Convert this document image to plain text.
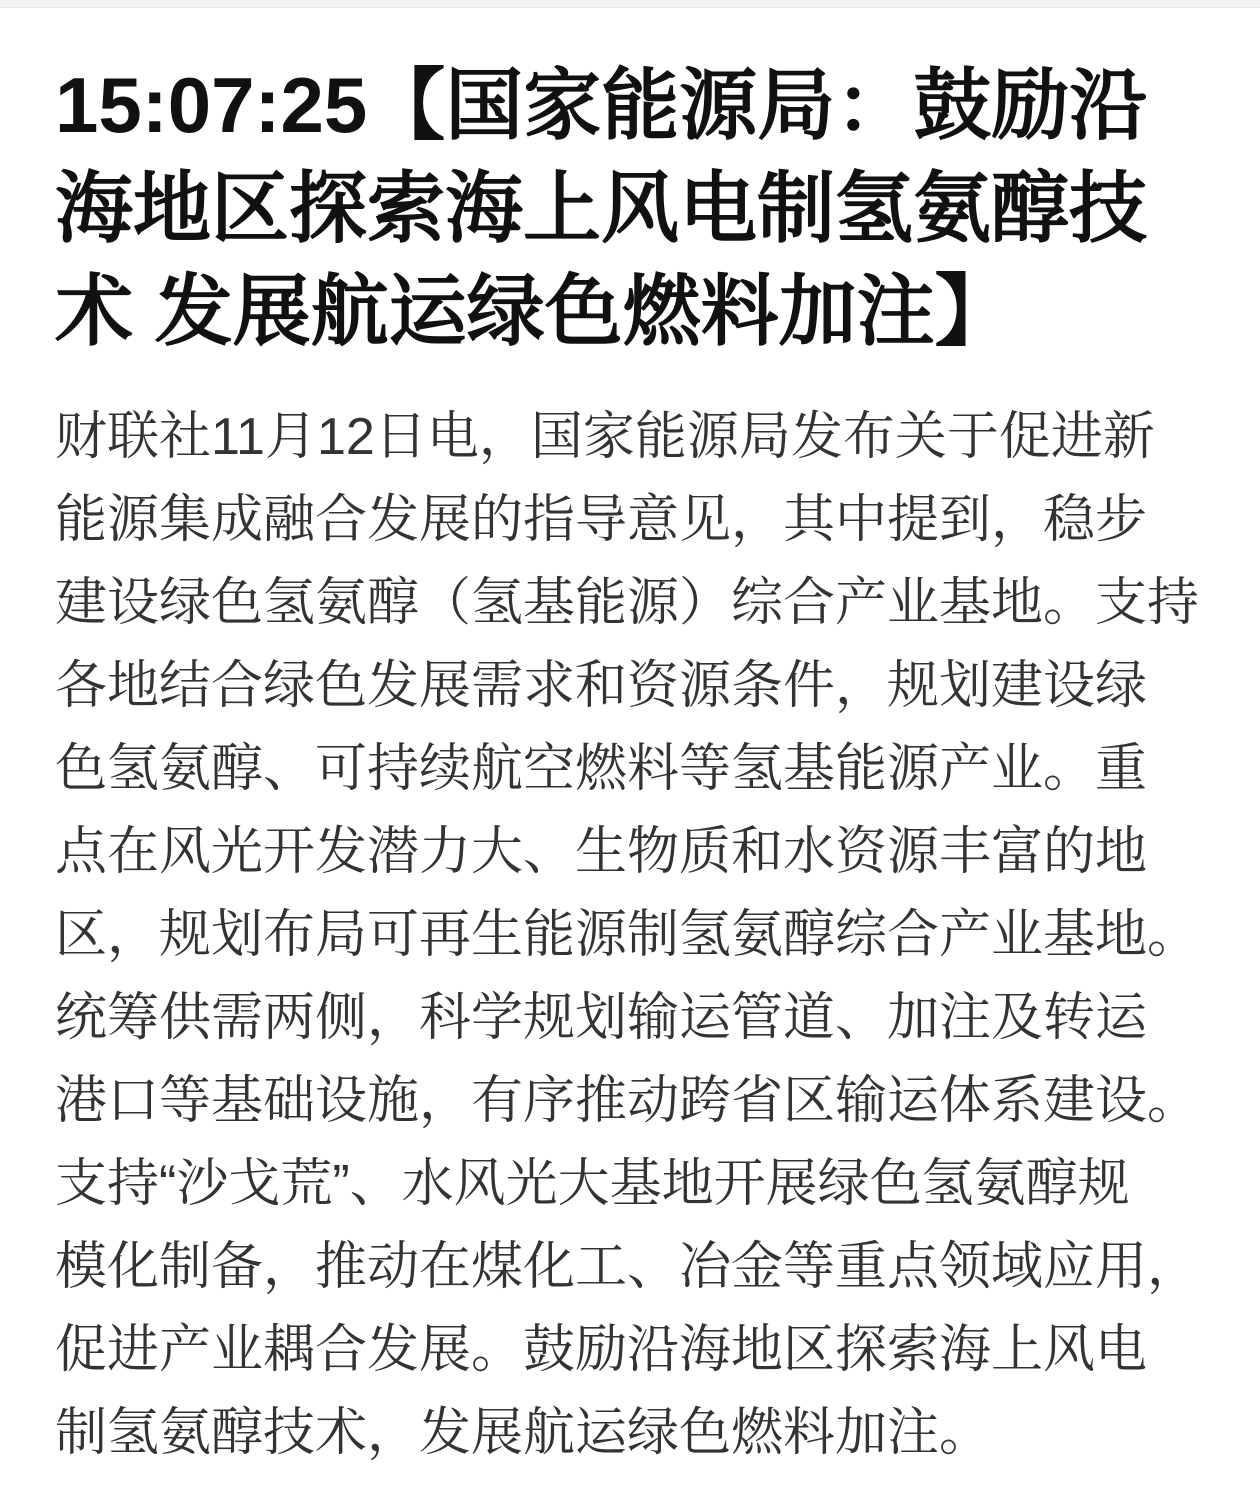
15:07:25【国家能源局：鼓励沿
海地区探索海上风电制氢氨醇技
术 发展航运绿色燃料加注】
财联社11月12日电，国家能源局发布关于促进新
能源集成融合发展的指导意见，其中提到，稳步
建设绿色氢氨醇（氢基能源）综合产业基地。支持
各地结合绿色发展需求和资源条件，规划建设绿
色氢氨醇、可持续航空燃料等氢基能源产业。重
点在风光开发潜力大、生物质和水资源丰富的地
区，规划布局可再生能源制氢氨醇综合产业基地。
统筹供需两侧，科学规划输运管道、加注及转运
港口等基础设施，有序推动跨省区输运体系建设。
支持“沙戈荒”、水风光大基地开展绿色氢氨醇规
模化制备，推动在煤化工、冶金等重点领域应用，
促进产业耦合发展。鼓励沿海地区探索海上风电
制氢氨醇技术，发展航运绿色燃料加注。
